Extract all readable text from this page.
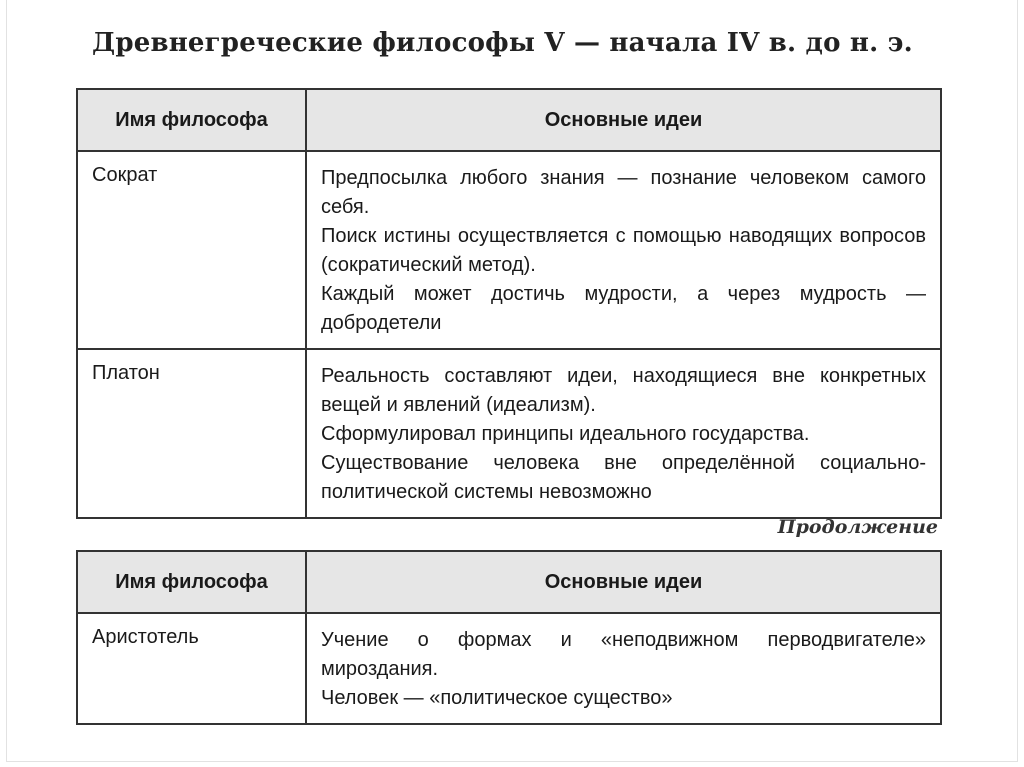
Древнегреческие философы V — начала IV в. до н. э.
Имя философа	Основные идеи
Сократ	Предпосылка любого знания — познание человеком самого себя.

Поиск истины осуществляется с помощью наводящих вопросов (сократический метод).

Каждый может достичь мудрости, а через мудрость — добродетели

Платон	Реальность составляют идеи, находящиеся вне конкретных вещей и явлений (идеализм).

Сформулировал принципы идеального государства.

Существование человека вне определённой социально-политической системы невозможно

Продолжение
Имя философа	Основные идеи
Аристотель	Учение о формах и «неподвижном перводвигателе» мироздания.

Человек — «политическое существо»
